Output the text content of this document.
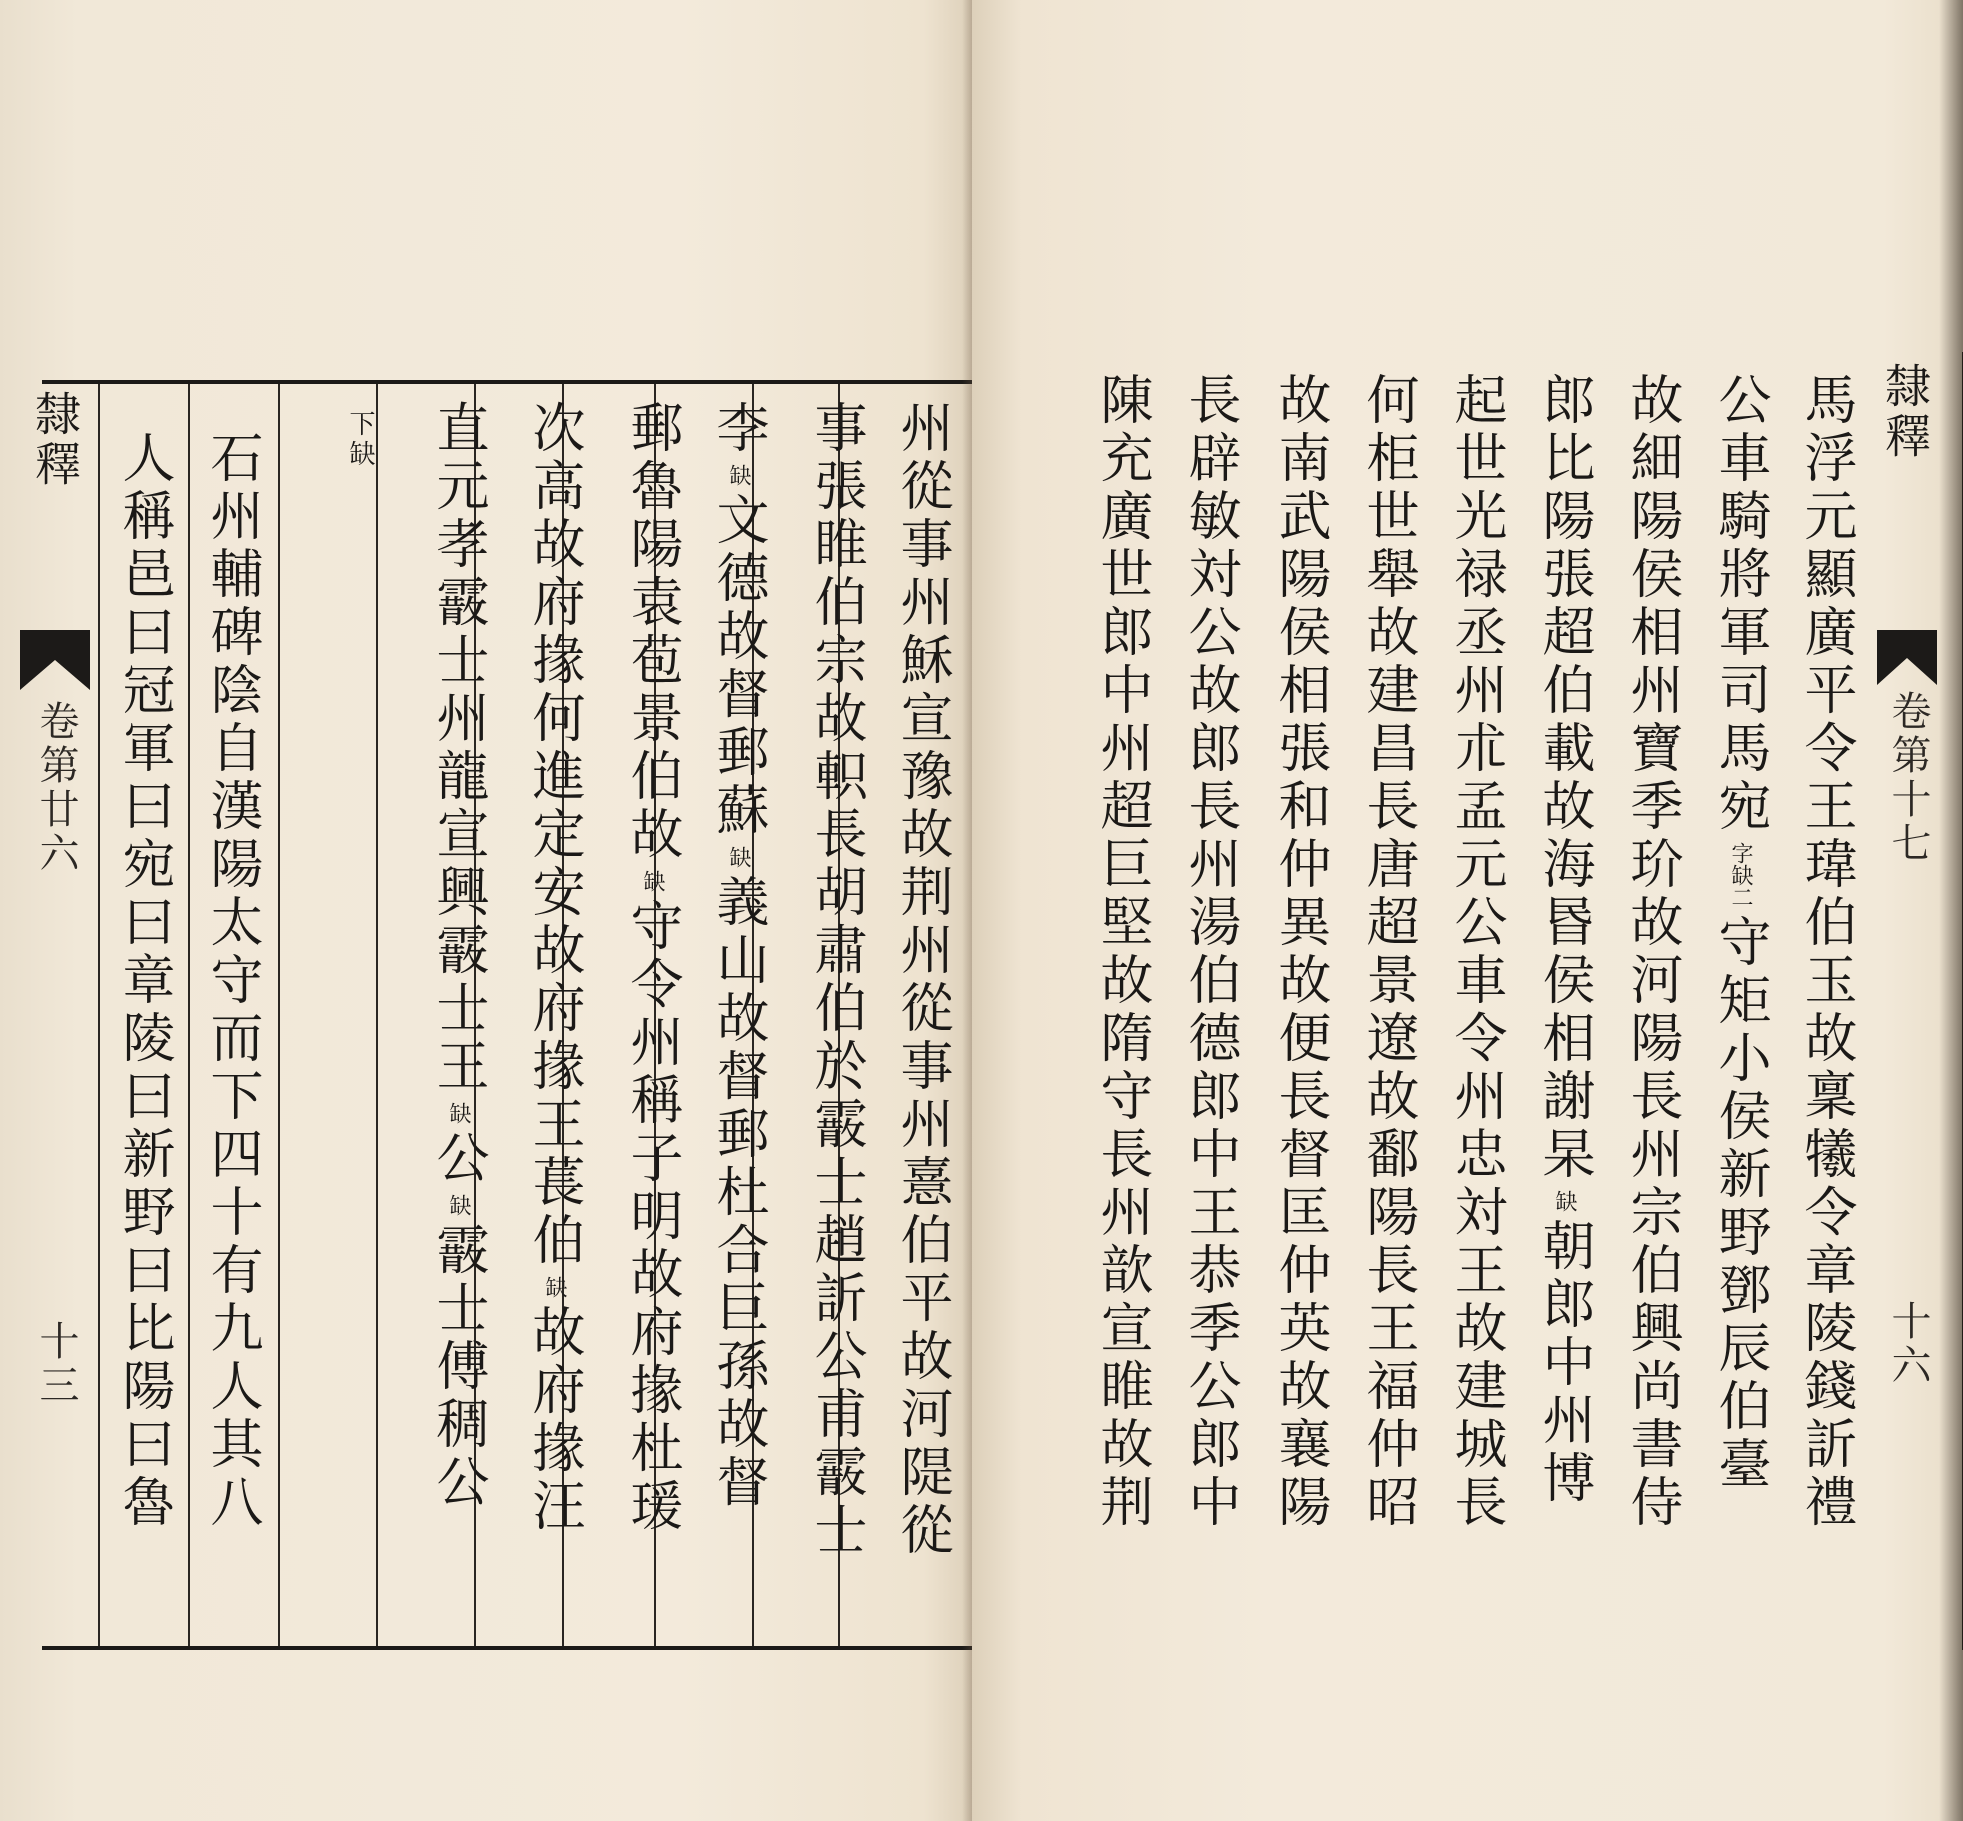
隸釋
卷第廿六
十三	州從事州穌宣豫故荆州從事州憙伯平故河隄從
事張睢伯宗故軹長胡肅伯於霰士趙訢公甫霰士
李缺文德故督郵蘇缺義山故督郵杜合巨孫故督
郵魯陽袁苞景伯故缺守令州稱子明故府掾杜瑗
次高故府掾何進定安故府掾王萇伯缺故府掾汪
直元孝霰士州龍宣興霰士王缺公缺霰士傅稠公
下缺
石州輔碑陰自漢陽太守而下四十有九人其八
人稱邑曰冠軍曰宛曰章陵曰新野曰比陽曰魯	馬浮元顯廣平令王瑋伯玉故稟犧令章陵錢訢禮
公車騎將軍司馬宛字缺二守矩小侯新野鄧辰伯臺
故細陽侯相州寶季玠故河陽長州宗伯興尚書侍
郎比陽張超伯載故海昬侯相謝杲缺朝郎中州博
起世光禄丞州朮孟元公車令州忠対王故建城長
何柜世舉故建昌長唐超景遼故鄱陽長王福仲昭
故南武陽侯相張和仲異故便長督匡仲英故襄陽
長辟敏対公故郎長州湯伯德郎中王恭季公郎中
陳充廣世郎中州超巨堅故隋守長州歆宣睢故荆	隸釋
卷第十七
十六
